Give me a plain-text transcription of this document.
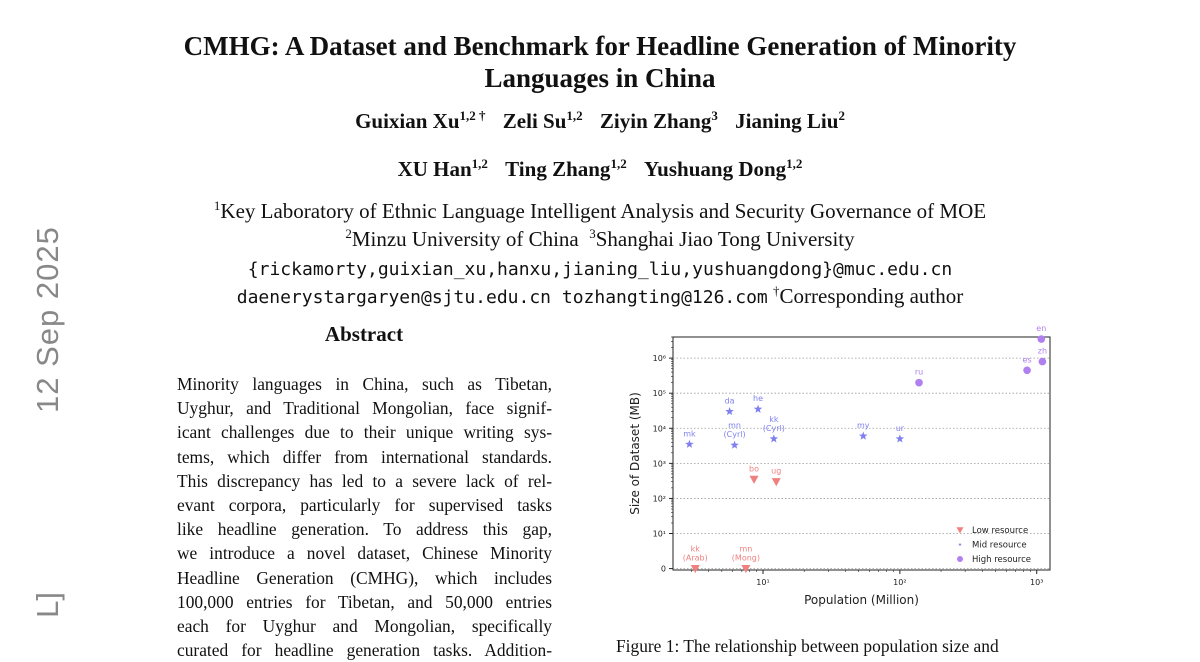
CMHG: A Dataset and Benchmark for Headline Generation of Minority
Languages in China
Guixian $Xu^{1,2 \dagger}$ Zeli Su$^{1,2}$ Ziyin Zhang$^3$ Jianing Liu$^2$
XU Han$^{1,2}$ Ting Zhang$^{1,2}$ Yushuang Dong$^{1,2}$
$^1$Key Laboratory of Ethnic Language Intelligent Analysis and Security Governance of MOE
$^2$Minzu University of China $^3$Shanghai Jiao Tong University
{rickamorty,guixian_xu,hanxu,jianing_liu,yushuangdong}@muc.edu.cn
daenerystargaryen@sjtu.edu.cn tozhangting@126.com †Corresponding author
12 Sep 2025
L]
Abstract
Minority languages in China, such as Tibetan,
Uyghur, and Traditional Mongolian, face signif-
icant challenges due to their unique writing sys-
tems, which differ from international standards.
This discrepancy has led to a severe lack of rel-
evant corpora, particularly for supervised tasks
like headline generation. To address this gap,
we introduce a novel dataset, Chinese Minority
Headline Generation (CMHG), which includes
100,000 entries for Tibetan, and 50,000 entries
each for Uyghur and Mongolian, specifically
curated for headline generation tasks. Addition-
0
10¹
10²
10³
10⁴
10⁵
10⁶
10¹	10²	10³
Population (Million)
Size of Dataset (MB)
kk
(Arab)
mn
(Mong)
bo ug
mk
da
mn
(Cyrl)
he
kk
(Cyrl)	my	ur
ru
es
zh
en
Low resource
Mid resource
High resource
Figure 1: The relationship between population size and
